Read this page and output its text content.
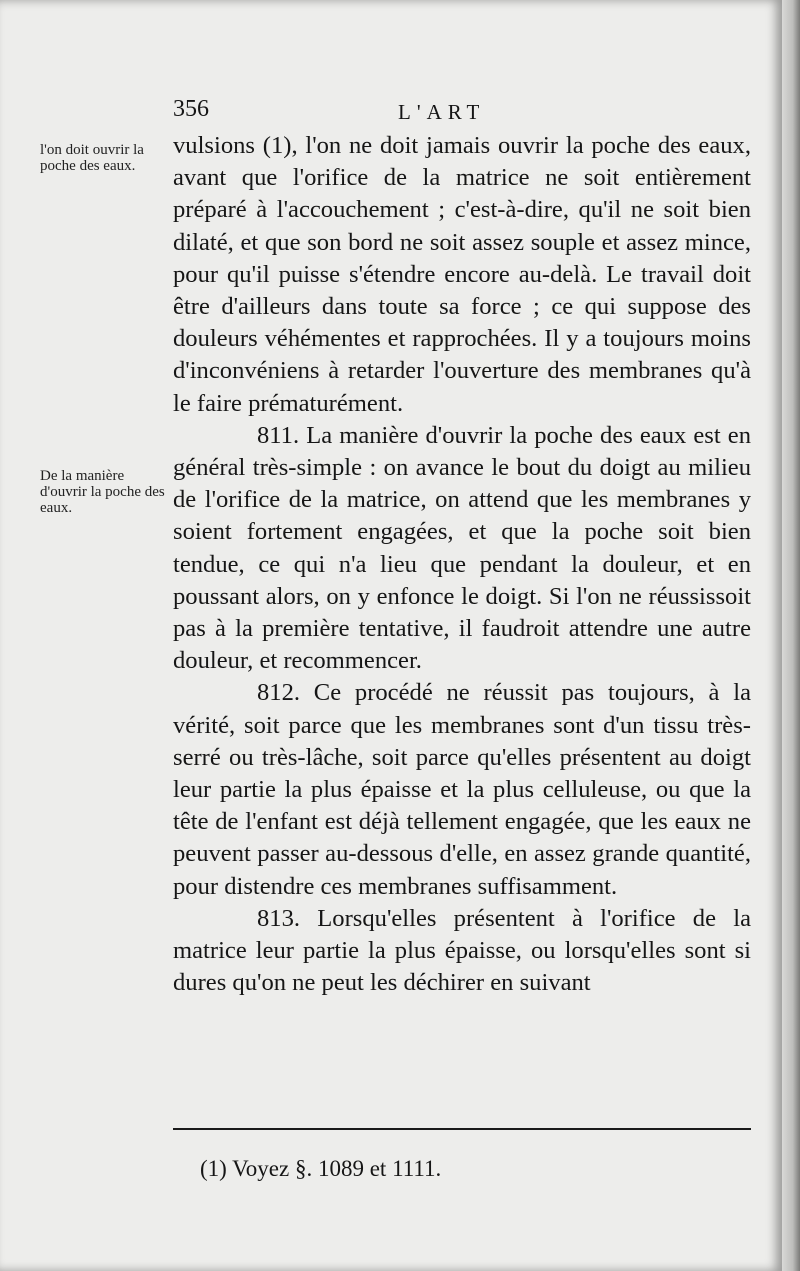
356	L'ART
l'on doit ouvrir la poche des eaux.
De la manière d'ouvrir la poche des eaux.

vulsions (1), l'on ne doit jamais ouvrir la poche des eaux, avant que l'orifice de la matrice ne soit entièrement préparé à l'accouchement ; c'est-à-dire, qu'il ne soit bien dilaté, et que son bord ne soit assez souple et assez mince, pour qu'il puisse s'étendre encore au-delà. Le travail doit être d'ailleurs dans toute sa force ; ce qui suppose des douleurs véhémentes et rapprochées. Il y a toujours moins d'inconvéniens à retarder l'ouverture des membranes qu'à le faire prématurément.

811. La manière d'ouvrir la poche des eaux est en général très-simple : on avance le bout du doigt au milieu de l'orifice de la matrice, on attend que les membranes y soient fortement engagées, et que la poche soit bien tendue, ce qui n'a lieu que pendant la douleur, et en poussant alors, on y enfonce le doigt. Si l'on ne réussissoit pas à la première tentative, il faudroit attendre une autre douleur, et recommencer.

812. Ce procédé ne réussit pas toujours, à la vérité, soit parce que les membranes sont d'un tissu très-serré ou très-lâche, soit parce qu'elles présentent au doigt leur partie la plus épaisse et la plus celluleuse, ou que la tête de l'enfant est déjà tellement engagée, que les eaux ne peuvent passer au-dessous d'elle, en assez grande quantité, pour distendre ces membranes suffisamment.

813. Lorsqu'elles présentent à l'orifice de la matrice leur partie la plus épaisse, ou lorsqu'elles sont si dures qu'on ne peut les déchirer en suivant

(1) Voyez §. 1089 et 1111.
